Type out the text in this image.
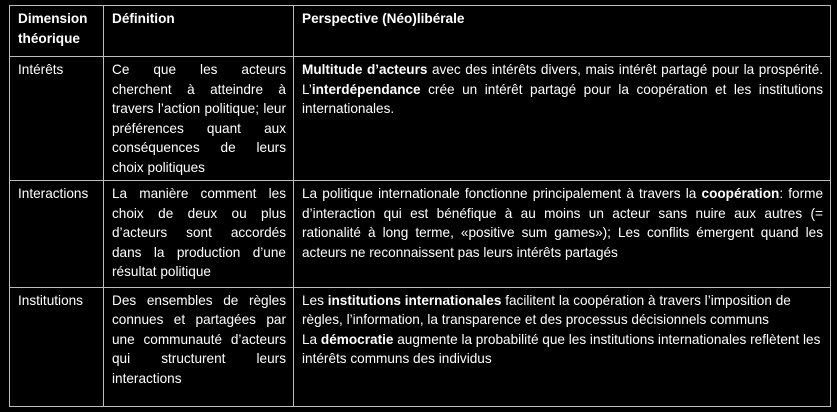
Dimension théorique	Définition	Perspective (Néo)libérale
Intérêts	Ce que les acteurs cherchent à atteindre à travers l’action politique; leur préférences quant aux conséquences de leurs choix politiques	Multitude d’acteurs avec des intérêts divers, mais intérêt partagé pour la prospérité. L’interdépendance crée un intérêt partagé pour la coopération et les institutions internationales.
Interactions	La manière comment les choix de deux ou plus d’acteurs sont accordés dans la production d’une résultat politique	La politique internationale fonctionne principalement à travers la coopération: forme d’interaction qui est bénéfique à au moins un acteur sans nuire aux autres (= rationalité à long terme, «positive sum games»); Les conflits émergent quand les acteurs ne reconnaissent pas leurs intérêts partagés
Institutions	Des ensembles de règles connues et partagées par une communauté d’acteurs qui structurent leurs interactions	Les institutions internationales facilitent la coopération à travers l’imposition de règles, l’information, la transparence et des processus décisionnels communs
La démocratie augmente la probabilité que les institutions internationales reflètent les intérêts communs des individus
